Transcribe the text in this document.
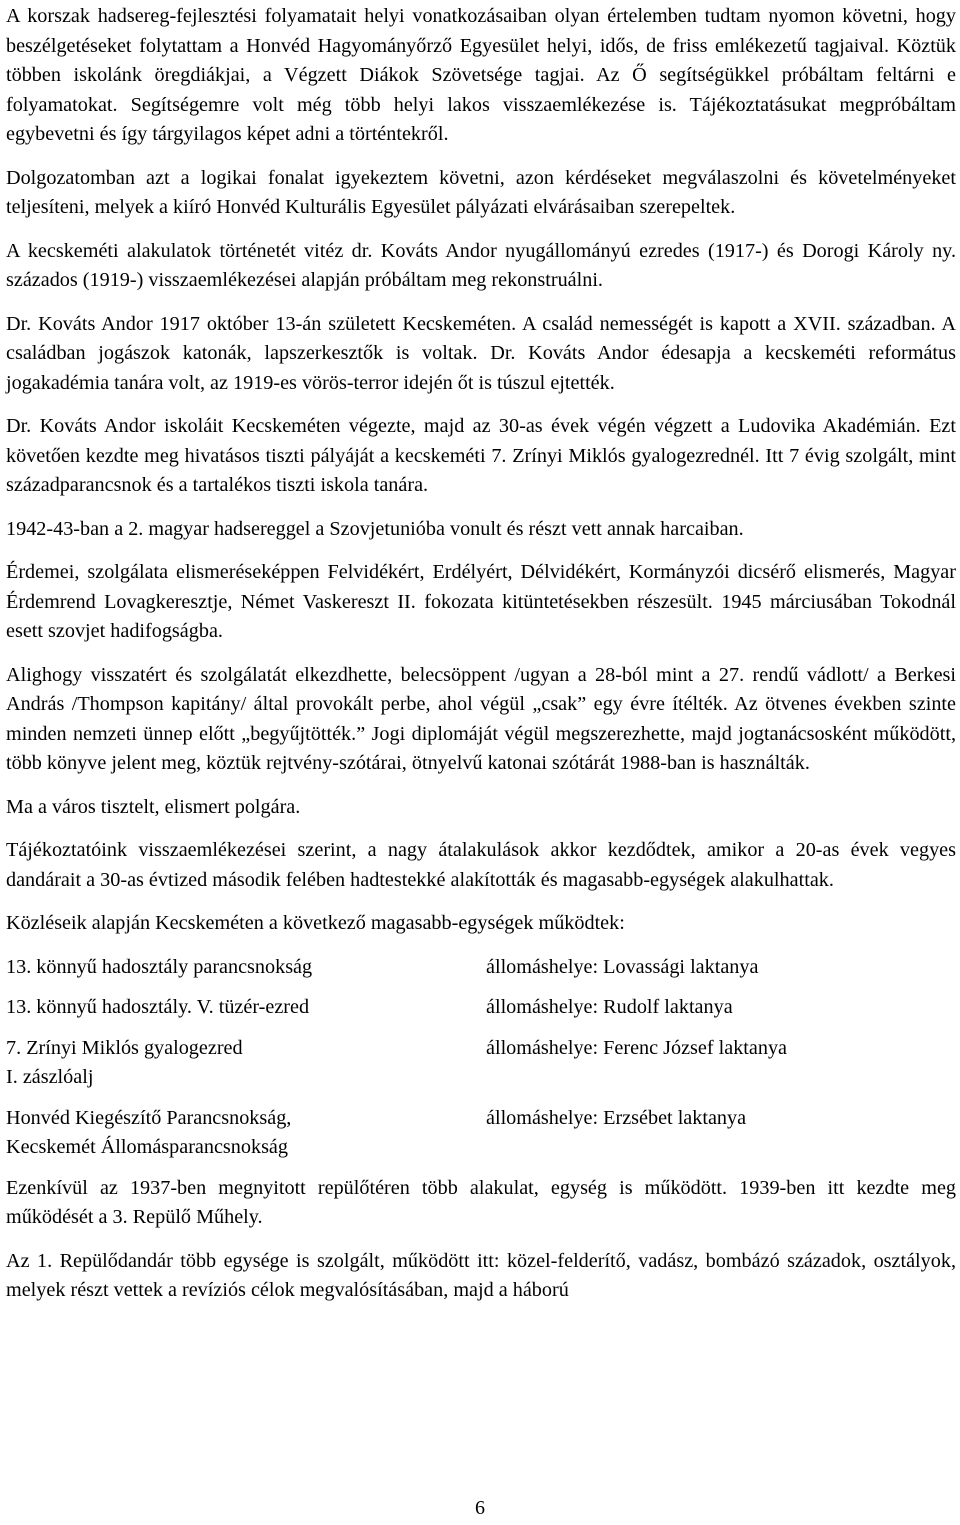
A korszak hadsereg-fejlesztési folyamatait helyi vonatkozásaiban olyan értelemben tudtam nyomon követni, hogy beszélgetéseket folytattam a Honvéd Hagyományőrző Egyesület helyi, idős, de friss emlékezetű tagjaival. Köztük többen iskolánk öregdiákjai, a Végzett Diákok Szövetsége tagjai. Az Ő segítségükkel próbáltam feltárni e folyamatokat. Segítségemre volt még több helyi lakos visszaemlékezése is. Tájékoztatásukat megpróbáltam egybevetni és így tárgyilagos képet adni a történtekről.

Dolgozatomban azt a logikai fonalat igyekeztem követni, azon kérdéseket megválaszolni és követelményeket teljesíteni, melyek a kiíró Honvéd Kulturális Egyesület pályázati elvárásaiban szerepeltek.

A kecskeméti alakulatok történetét vitéz dr. Kováts Andor nyugállományú ezredes (1917-) és Dorogi Károly ny. százados (1919-) visszaemlékezései alapján próbáltam meg rekonstruálni.

Dr. Kováts Andor 1917 október 13-án született Kecskeméten. A család nemességét is kapott a XVII. században. A családban jogászok katonák, lapszerkesztők is voltak. Dr. Kováts Andor édesapja a kecskeméti református jogakadémia tanára volt, az 1919-es vörös-terror idején őt is túszul ejtették.

Dr. Kováts Andor iskoláit Kecskeméten végezte, majd az 30-as évek végén végzett a Ludovika Akadémián. Ezt követően kezdte meg hivatásos tiszti pályáját a kecskeméti 7. Zrínyi Miklós gyalogezrednél. Itt 7 évig szolgált, mint századparancsnok és a tartalékos tiszti iskola tanára.

1942-43-ban a 2. magyar hadsereggel a Szovjetunióba vonult és részt vett annak harcaiban.

Érdemei, szolgálata elismeréseképpen Felvidékért, Erdélyért, Délvidékért, Kormányzói dicsérő elismerés, Magyar Érdemrend Lovagkeresztje, Német Vaskereszt II. fokozata kitüntetésekben részesült. 1945 márciusában Tokodnál esett szovjet hadifogságba.

Alighogy visszatért és szolgálatát elkezdhette, belecsöppent /ugyan a 28-ból mint a 27. rendű vádlott/ a Berkesi András /Thompson kapitány/ által provokált perbe, ahol végül „csak” egy évre ítélték. Az ötvenes években szinte minden nemzeti ünnep előtt „begyűjtötték.” Jogi diplomáját végül megszerezhette, majd jogtanácsosként működött, több könyve jelent meg, köztük rejtvény-szótárai, ötnyelvű katonai szótárát 1988-ban is használták.

Ma a város tisztelt, elismert polgára.

Tájékoztatóink visszaemlékezései szerint, a nagy átalakulások akkor kezdődtek, amikor a 20-as évek vegyes dandárait a 30-as évtized második felében hadtestekké alakították és magasabb-egységek alakulhattak.

Közléseik alapján Kecskeméten a következő magasabb-egységek működtek:

13. könnyű hadosztály parancsnokság	állomáshelye: Lovassági laktanya
13. könnyű hadosztály. V. tüzér-ezred	állomáshelye: Rudolf laktanya
7. Zrínyi Miklós gyalogezred
I. zászlóalj
állomáshelye: Ferenc József laktanya
Honvéd Kiegészítő Parancsnokság,
Kecskemét Állomásparancsnokság
állomáshelye: Erzsébet laktanya

Ezenkívül az 1937-ben megnyitott repülőtéren több alakulat, egység is működött. 1939-ben itt kezdte meg működését a 3. Repülő Műhely.

Az 1. Repülődandár több egysége is szolgált, működött itt: közel-felderítő, vadász, bombázó századok, osztályok, melyek részt vettek a revíziós célok megvalósításában, majd a háború

6
